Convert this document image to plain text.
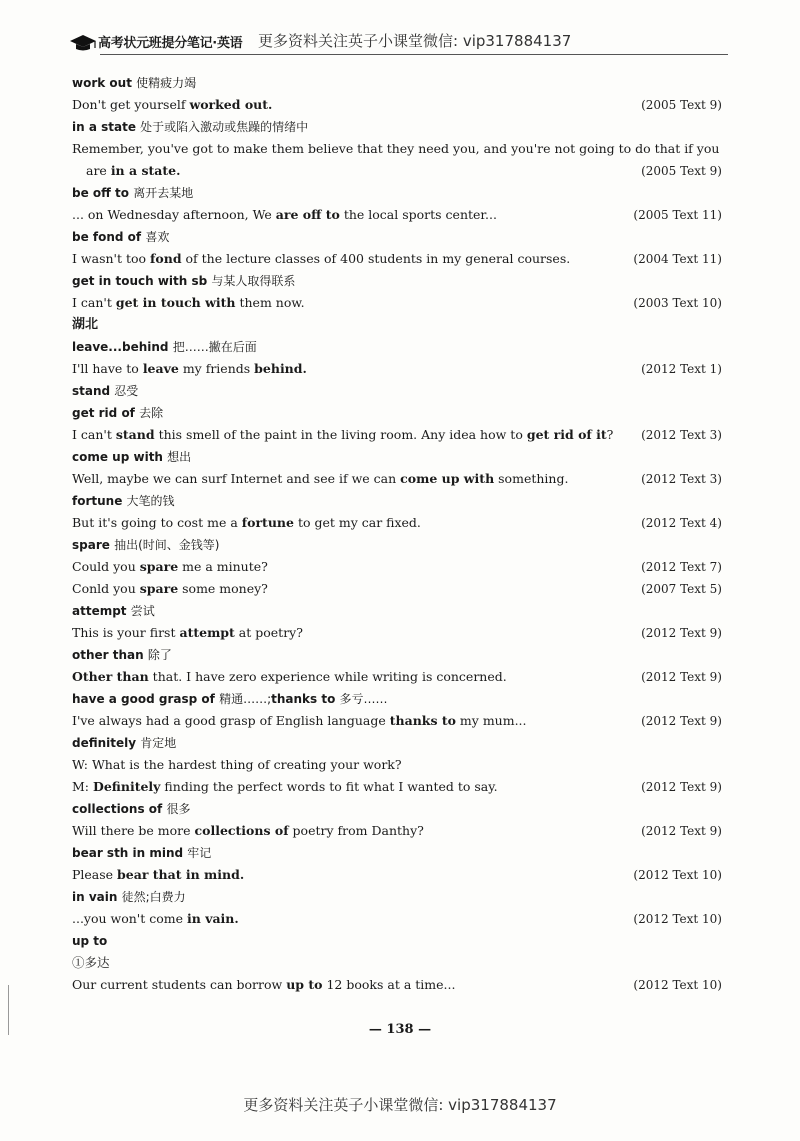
高考状元班提分笔记·英语 更多资料关注英子小课堂微信: vip317884137
work out 使精疲力竭
Don't get yourself worked out.	(2005 Text 9)
in a state 处于或陷入激动或焦躁的情绪中
Remember, you've got to make them believe that they need you, and you're not going to do that if you
are in a state.	(2005 Text 9)
be off to 离开去某地
... on Wednesday afternoon, We are off to the local sports center...	(2005 Text 11)
be fond of 喜欢
I wasn't too fond of the lecture classes of 400 students in my general courses.	(2004 Text 11)
get in touch with sb 与某人取得联系
I can't get in touch with them now.	(2003 Text 10)
湖北
leave...behind 把……撇在后面
I'll have to leave my friends behind.	(2012 Text 1)
stand 忍受
get rid of 去除
I can't stand this smell of the paint in the living room. Any idea how to get rid of it? (2012 Text 3)
come up with 想出
Well, maybe we can surf Internet and see if we can come up with something.	(2012 Text 3)
fortune 大笔的钱
But it's going to cost me a fortune to get my car fixed.	(2012 Text 4)
spare 抽出(时间、金钱等)
Could you spare me a minute?	(2012 Text 7)
Conld you spare some money?	(2007 Text 5)
attempt 尝试
This is your first attempt at poetry?	(2012 Text 9)
other than 除了
Other than that. I have zero experience while writing is concerned.	(2012 Text 9)
have a good grasp of 精通……;thanks to 多亏……
I've always had a good grasp of English language thanks to my mum...	(2012 Text 9)
definitely 肯定地
W: What is the hardest thing of creating your work?
M: Definitely finding the perfect words to fit what I wanted to say.	(2012 Text 9)
collections of 很多
Will there be more collections of poetry from Danthy?	(2012 Text 9)
bear sth in mind 牢记
Please bear that in mind.	(2012 Text 10)
in vain 徒然;白费力
...you won't come in vain.	(2012 Text 10)
up to
①多达
Our current students can borrow up to 12 books at a time...	(2012 Text 10)
— 138 —
更多资料关注英子小课堂微信: vip317884137
